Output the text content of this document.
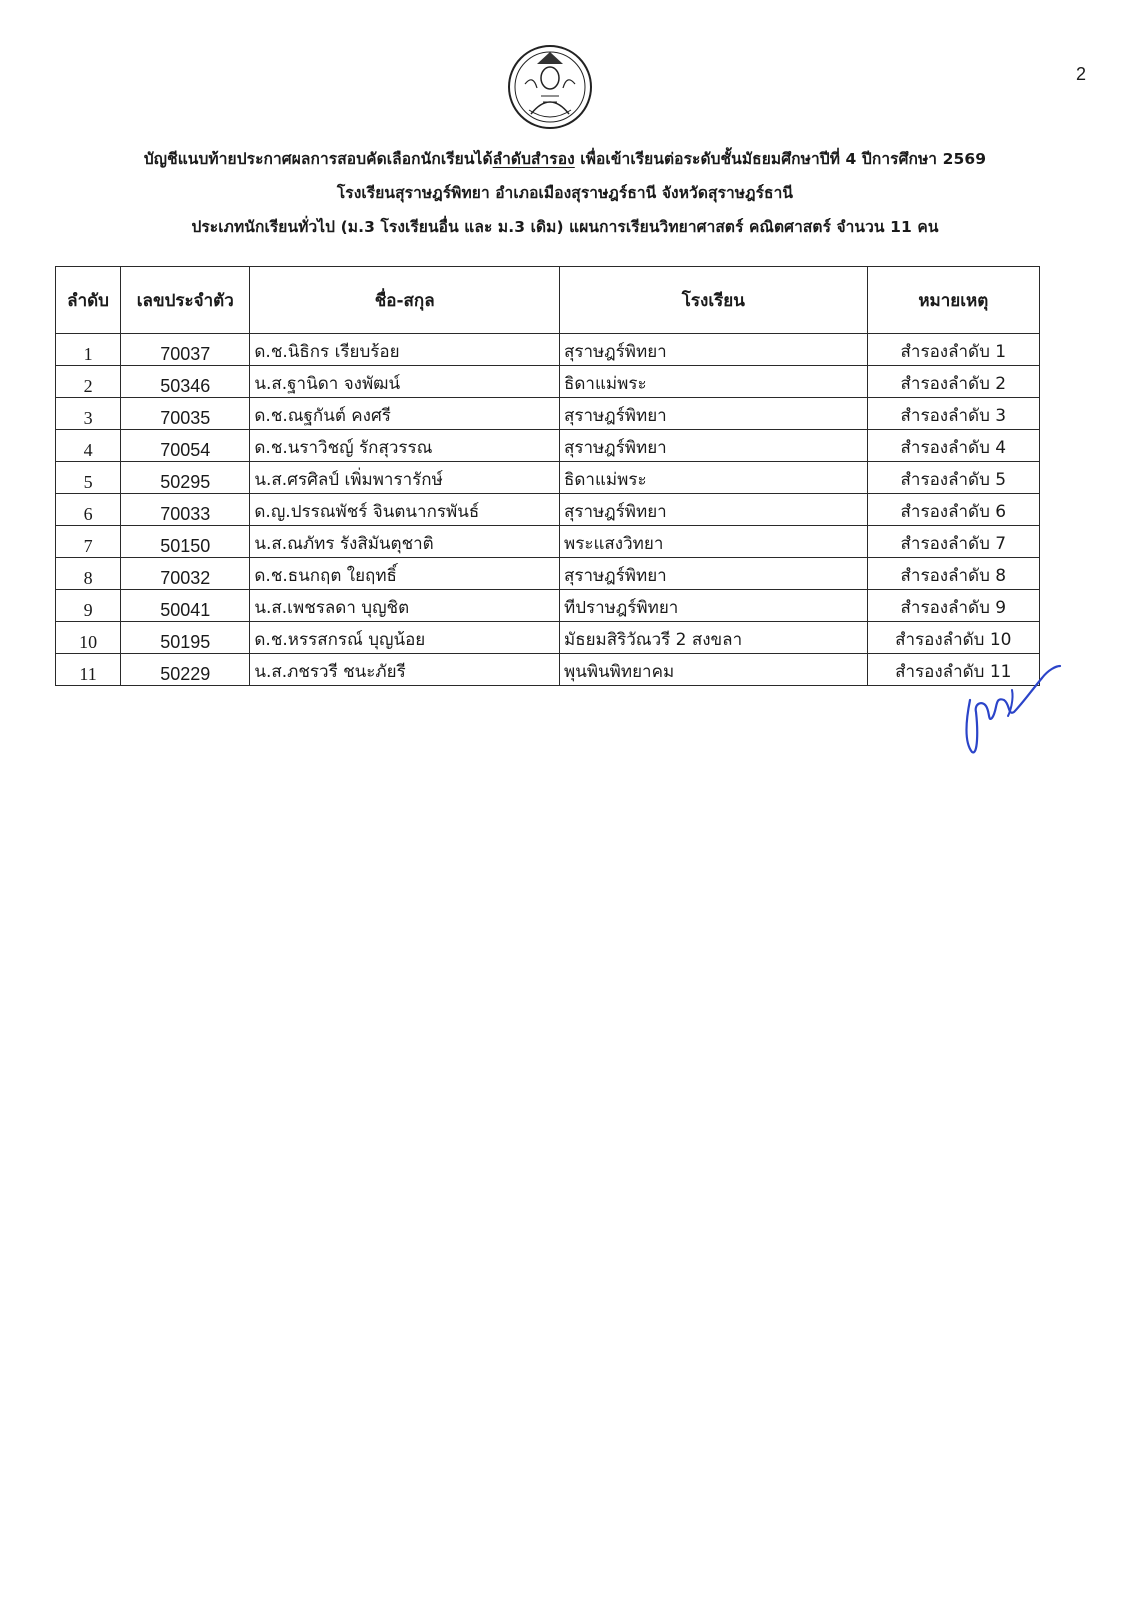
2
บัญชีแนบท้ายประกาศผลการสอบคัดเลือกนักเรียนได้ลำดับสำรอง เพื่อเข้าเรียนต่อระดับชั้นมัธยมศึกษาปีที่ 4 ปีการศึกษา 2569
โรงเรียนสุราษฎร์พิทยา อำเภอเมืองสุราษฎร์ธานี จังหวัดสุราษฎร์ธานี
ประเภทนักเรียนทั่วไป (ม.3 โรงเรียนอื่น และ ม.3 เดิม) แผนการเรียนวิทยาศาสตร์ คณิตศาสตร์ จำนวน 11 คน
ลำดับ	เลขประจำตัว	ชื่อ-สกุล	โรงเรียน	หมายเหตุ
1	70037	ด.ช.นิธิกร เรียบร้อย	สุราษฎร์พิทยา	สำรองลำดับ 1
2	50346	น.ส.ฐานิดา จงพัฒน์	ธิดาแม่พระ	สำรองลำดับ 2
3	70035	ด.ช.ณฐกันต์ คงศรี	สุราษฎร์พิทยา	สำรองลำดับ 3
4	70054	ด.ช.นราวิชญ์ รักสุวรรณ	สุราษฎร์พิทยา	สำรองลำดับ 4
5	50295	น.ส.ศรศิลป์ เพิ่มพารารักษ์	ธิดาแม่พระ	สำรองลำดับ 5
6	70033	ด.ญ.ปรรณพัชร์ จินตนากรพันธ์	สุราษฎร์พิทยา	สำรองลำดับ 6
7	50150	น.ส.ณภัทร รังสิมันตุชาติ	พระแสงวิทยา	สำรองลำดับ 7
8	70032	ด.ช.ธนกฤต ใยฤทธิ์	สุราษฎร์พิทยา	สำรองลำดับ 8
9	50041	น.ส.เพชรลดา บุญชิต	ทีปราษฎร์พิทยา	สำรองลำดับ 9
10	50195	ด.ช.หรรสกรณ์ บุญน้อย	มัธยมสิริวัณวรี 2 สงขลา	สำรองลำดับ 10
11	50229	น.ส.ภชรวรี ชนะภัยรี	พุนพินพิทยาคม	สำรองลำดับ 11
